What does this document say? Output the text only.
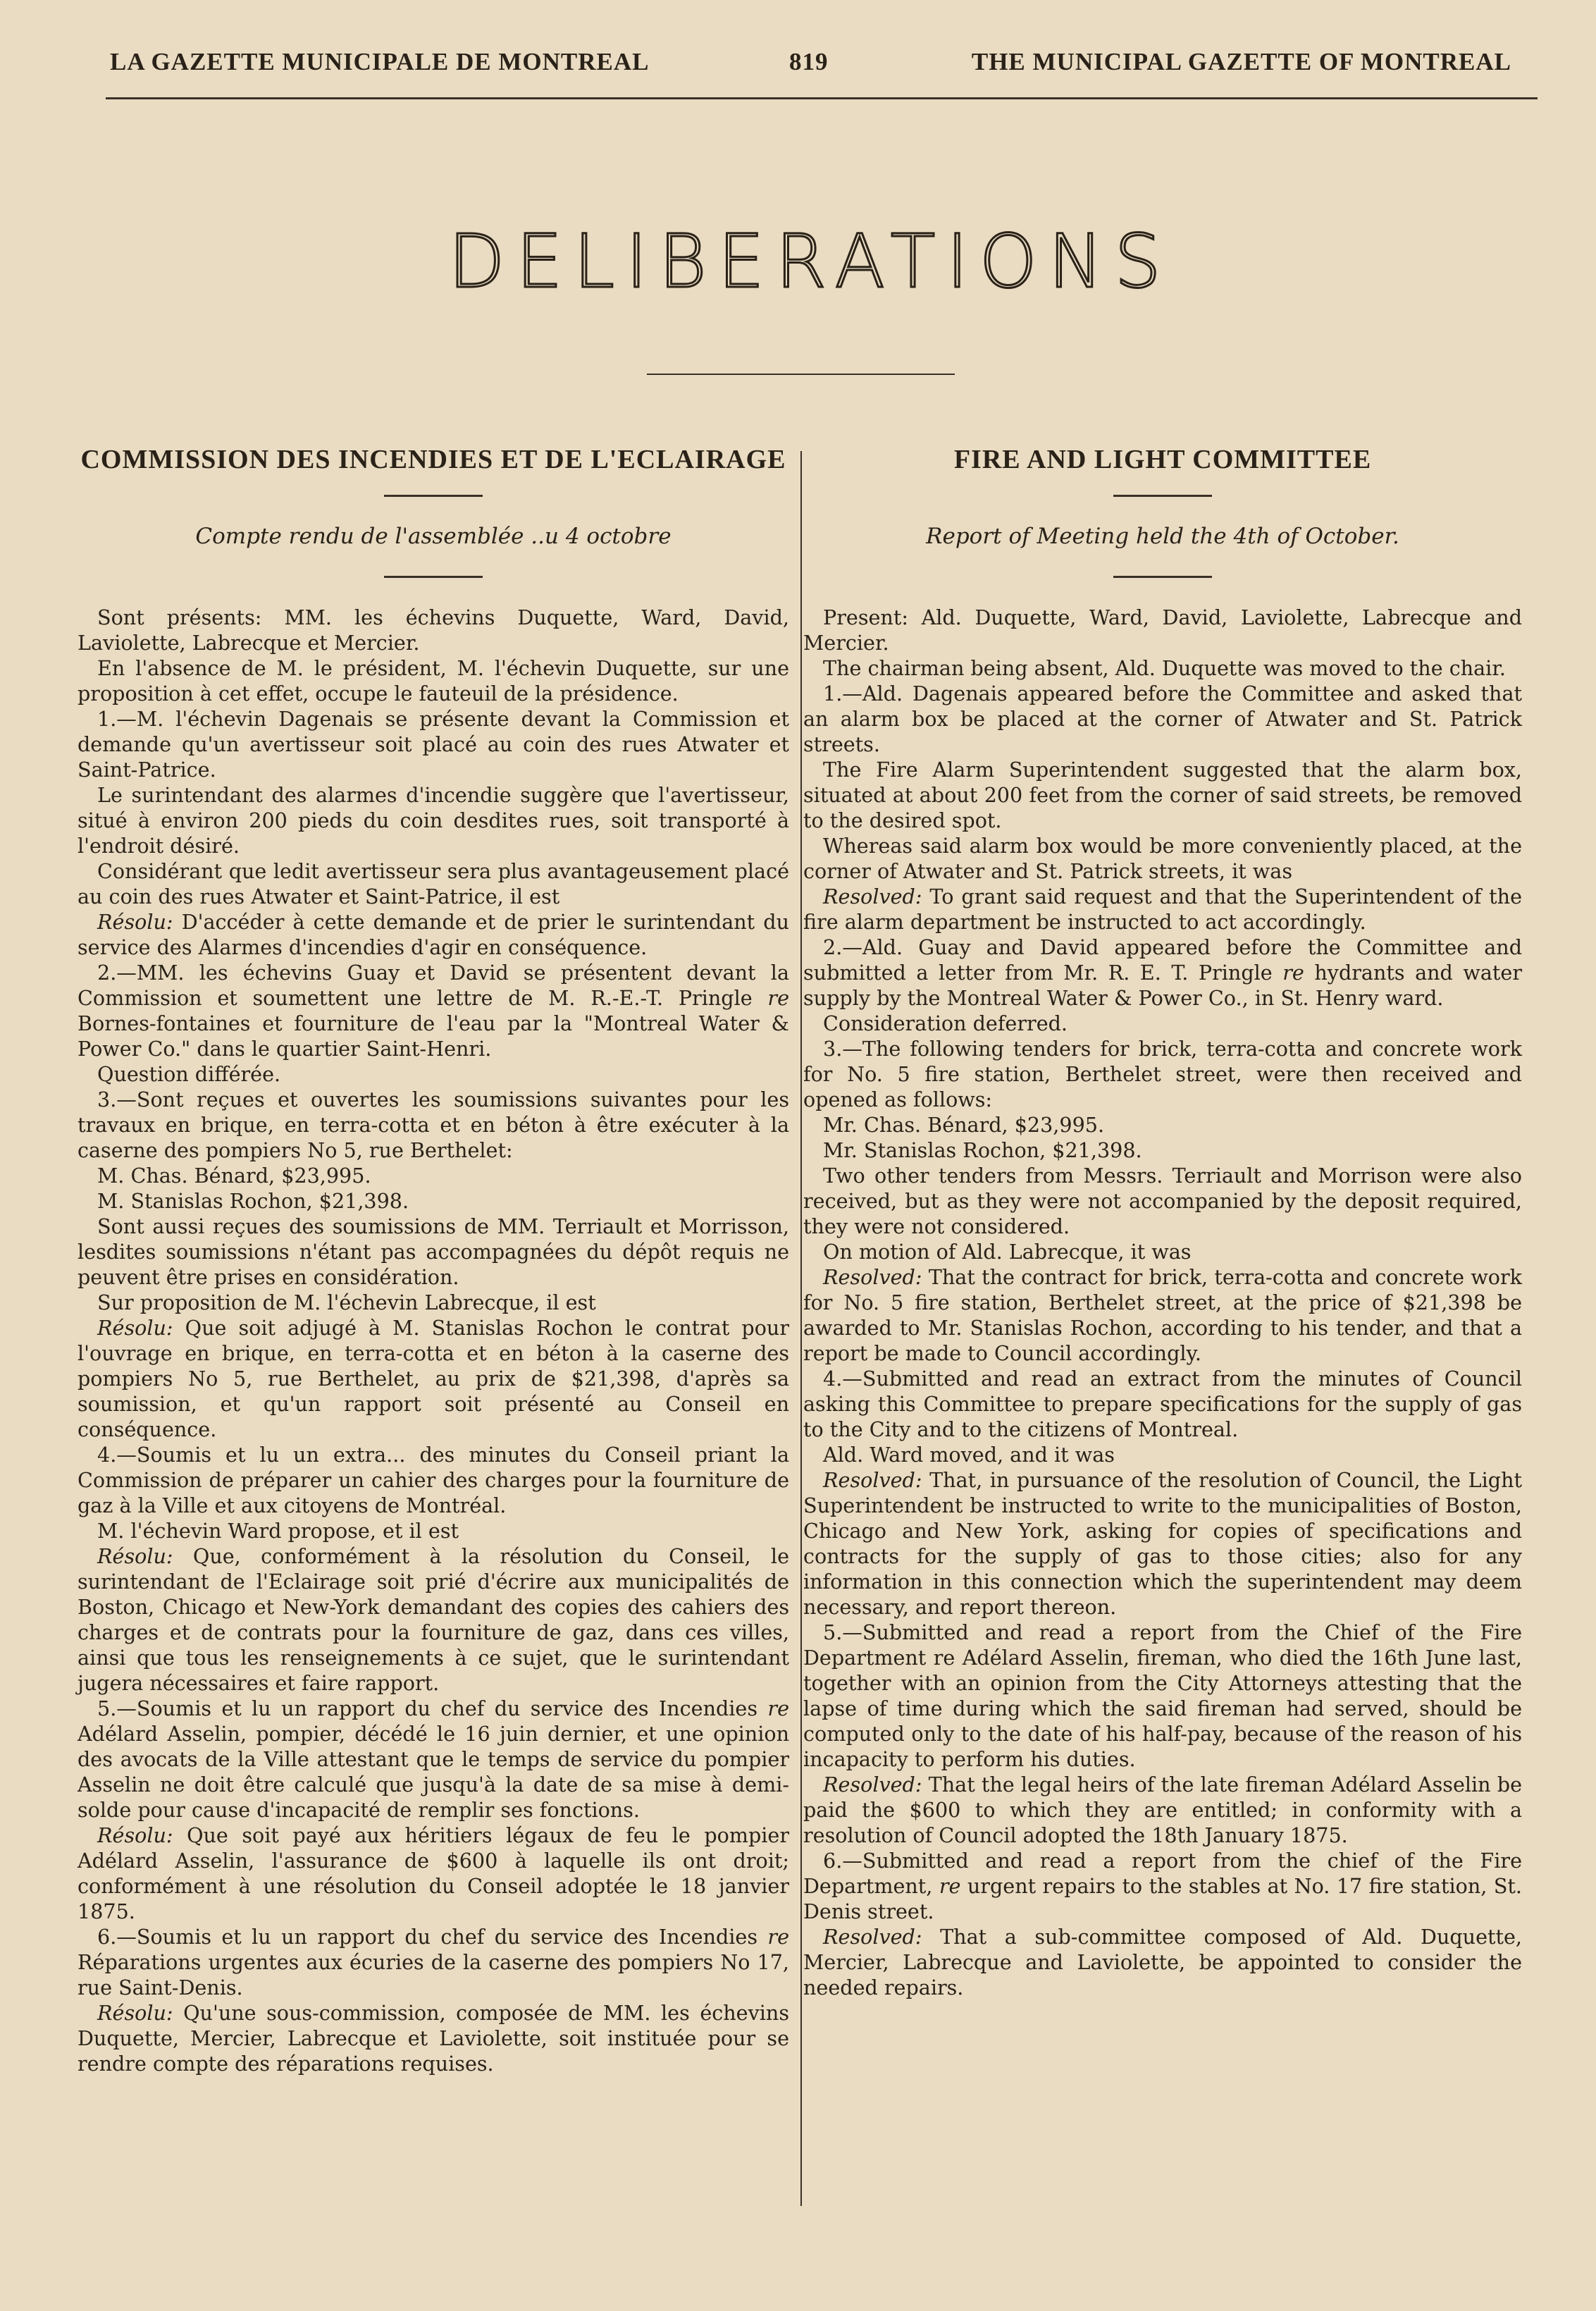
LA GAZETTE MUNICIPALE DE MONTREAL	819	THE MUNICIPAL GAZETTE OF MONTREAL
DELIBERATIONS
COMMISSION DES INCENDIES ET DE L'ECLAIRAGE
Compte rendu de l'assemblée ..u 4 octobre

Sont présents: MM. les échevins Duquette, Ward, David, Laviolette, Labrecque et Mercier.

En l'absence de M. le président, M. l'échevin Duquette, sur une proposition à cet effet, occupe le fauteuil de la présidence.

1.—M. l'échevin Dagenais se présente devant la Commission et demande qu'un avertisseur soit placé au coin des rues Atwater et Saint-Patrice.

Le surintendant des alarmes d'incendie suggère que l'avertisseur, situé à environ 200 pieds du coin desdites rues, soit transporté à l'endroit désiré.

Considérant que ledit avertisseur sera plus avantageusement placé au coin des rues Atwater et Saint-Patrice, il est

Résolu: D'accéder à cette demande et de prier le surintendant du service des Alarmes d'incendies d'agir en conséquence.

2.—MM. les échevins Guay et David se présentent devant la Commission et soumettent une lettre de M. R.-E.-T. Pringle re Bornes-fontaines et fourniture de l'eau par la "Montreal Water & Power Co." dans le quartier Saint-Henri.

Question différée.

3.—Sont reçues et ouvertes les soumissions suivantes pour les travaux en brique, en terra-cotta et en béton à être exécuter à la caserne des pompiers No 5, rue Berthelet:

M. Chas. Bénard, $23,995.

M. Stanislas Rochon, $21,398.

Sont aussi reçues des soumissions de MM. Terriault et Morrisson, lesdites soumissions n'étant pas accompagnées du dépôt requis ne peuvent être prises en considération.

Sur proposition de M. l'échevin Labrecque, il est

Résolu: Que soit adjugé à M. Stanislas Rochon le contrat pour l'ouvrage en brique, en terra-cotta et en béton à la caserne des pompiers No 5, rue Berthelet, au prix de $21,398, d'après sa soumission, et qu'un rapport soit présenté au Conseil en conséquence.

4.—Soumis et lu un extra... des minutes du Conseil priant la Commission de préparer un cahier des charges pour la fourniture de gaz à la Ville et aux citoyens de Montréal.

M. l'échevin Ward propose, et il est

Résolu: Que, conformément à la résolution du Conseil, le surintendant de l'Eclairage soit prié d'écrire aux municipalités de Boston, Chicago et New-York demandant des copies des cahiers des charges et de contrats pour la fourniture de gaz, dans ces villes, ainsi que tous les renseignements à ce sujet, que le surintendant jugera nécessaires et faire rapport.

5.—Soumis et lu un rapport du chef du service des Incendies re Adélard Asselin, pompier, décédé le 16 juin dernier, et une opinion des avocats de la Ville attestant que le temps de service du pompier Asselin ne doit être calculé que jusqu'à la date de sa mise à demi-solde pour cause d'incapacité de remplir ses fonctions.

Résolu: Que soit payé aux héritiers légaux de feu le pompier Adélard Asselin, l'assurance de $600 à laquelle ils ont droit; conformément à une résolution du Conseil adoptée le 18 janvier 1875.

6.—Soumis et lu un rapport du chef du service des Incendies re Réparations urgentes aux écuries de la caserne des pompiers No 17, rue Saint-Denis.

Résolu: Qu'une sous-commission, composée de MM. les échevins Duquette, Mercier, Labrecque et Laviolette, soit instituée pour se rendre compte des réparations requises.

FIRE AND LIGHT COMMITTEE
Report of Meeting held the 4th of October.

Present: Ald. Duquette, Ward, David, Laviolette, Labrecque and Mercier.

The chairman being absent, Ald. Duquette was moved to the chair.

1.—Ald. Dagenais appeared before the Committee and asked that an alarm box be placed at the corner of Atwater and St. Patrick streets.

The Fire Alarm Superintendent suggested that the alarm box, situated at about 200 feet from the corner of said streets, be removed to the desired spot.

Whereas said alarm box would be more conveniently placed, at the corner of Atwater and St. Patrick streets, it was

Resolved: To grant said request and that the Superintendent of the fire alarm department be instructed to act accordingly.

2.—Ald. Guay and David appeared before the Committee and submitted a letter from Mr. R. E. T. Pringle re hydrants and water supply by the Montreal Water & Power Co., in St. Henry ward.

Consideration deferred.

3.—The following tenders for brick, terra-cotta and concrete work for No. 5 fire station, Berthelet street, were then received and opened as follows:

Mr. Chas. Bénard, $23,995.

Mr. Stanislas Rochon, $21,398.

Two other tenders from Messrs. Terriault and Morrison were also received, but as they were not accompanied by the deposit required, they were not considered.

On motion of Ald. Labrecque, it was

Resolved: That the contract for brick, terra-cotta and concrete work for No. 5 fire station, Berthelet street, at the price of $21,398 be awarded to Mr. Stanislas Rochon, according to his tender, and that a report be made to Council accordingly.

4.—Submitted and read an extract from the minutes of Council asking this Committee to prepare specifications for the supply of gas to the City and to the citizens of Montreal.

Ald. Ward moved, and it was

Resolved: That, in pursuance of the resolution of Council, the Light Superintendent be instructed to write to the municipalities of Boston, Chicago and New York, asking for copies of specifications and contracts for the supply of gas to those cities; also for any information in this connection which the superintendent may deem necessary, and report thereon.

5.—Submitted and read a report from the Chief of the Fire Department re Adélard Asselin, fireman, who died the 16th June last, together with an opinion from the City Attorneys attesting that the lapse of time during which the said fireman had served, should be computed only to the date of his half-pay, because of the reason of his incapacity to perform his duties.

Resolved: That the legal heirs of the late fireman Adélard Asselin be paid the $600 to which they are entitled; in conformity with a resolution of Council adopted the 18th January 1875.

6.—Submitted and read a report from the chief of the Fire Department, re urgent repairs to the stables at No. 17 fire station, St. Denis street.

Resolved: That a sub-committee composed of Ald. Duquette, Mercier, Labrecque and Laviolette, be appointed to consider the needed repairs.
